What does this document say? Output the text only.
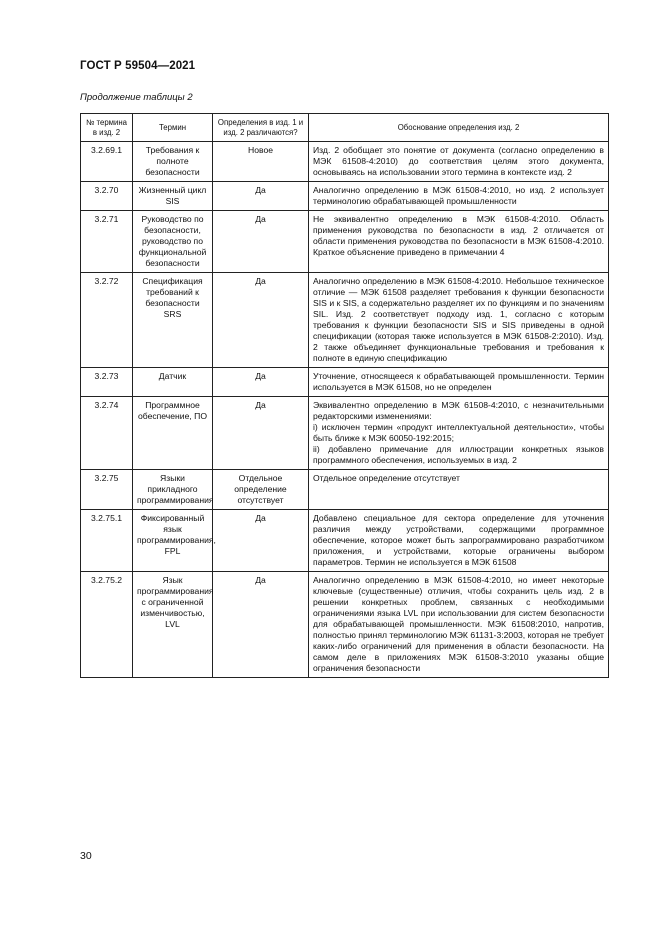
ГОСТ Р 59504—2021
Продолжение таблицы 2
№ термина в изд. 2	Термин	Определения в изд. 1 и изд. 2 различаются?	Обоснование определения изд. 2
3.2.69.1	Требования к полноте безопасности	Новое	Изд. 2 обобщает это понятие от документа (согласно определению в МЭК 61508-4:2010) до соответствия целям этого документа, основываясь на использовании этого термина в контексте изд. 2

3.2.70	Жизненный цикл SIS	Да	Аналогично определению в МЭК 61508-4:2010, но изд. 2 использует терминологию обрабатывающей промышленности

3.2.71	Руководство по безопасности, руководство по функциональной безопасности	Да	Не эквивалентно определению в МЭК 61508-4:2010. Область применения руководства по безопасности в изд. 2 отличается от области применения руководства по безопасности в МЭК 61508-4:2010. Краткое объяснение приведено в примечании 4

3.2.72	Спецификация требований к безопасности SRS	Да	Аналогично определению в МЭК 61508-4:2010. Небольшое техническое отличие — МЭК 61508 разделяет требования к функции безопасности SIS и к SIS, а содержательно разделяет их по функциям и по значениям SIL. Изд. 2 соответствует подходу изд. 1, согласно с которым требования к функции безопасности SIS и SIS приведены в одной спецификации (которая также используется в МЭК 61508-2:2010). Изд. 2 также объединяет функциональные требования и требования к полноте в единую спецификацию

3.2.73	Датчик	Да	Уточнение, относящееся к обрабатывающей промышленности. Термин используется в МЭК 61508, но не определен

3.2.74	Программное обеспечение, ПО	Да	Эквивалентно определению в МЭК 61508-4:2010, с незначительными редакторскими изменениями:

i) исключен термин «продукт интеллектуальной деятельности», чтобы быть ближе к МЭК 60050-192:2015;

ii) добавлено примечание для иллюстрации конкретных языков программного обеспечения, используемых в изд. 2

3.2.75	Языки прикладного программирования	Отдельное определение отсутствует	Отдельное определение отсутствует

3.2.75.1	Фиксированный язык программирования, FPL	Да	Добавлено специальное для сектора определение для уточнения различия между устройствами, содержащими программное обеспечение, которое может быть запрограммировано разработчиком приложения, и устройствами, которые ограничены выбором параметров. Термин не используется в МЭК 61508

3.2.75.2	Язык программирования с ограниченной изменчивостью, LVL	Да	Аналогично определению в МЭК 61508-4:2010, но имеет некоторые ключевые (существенные) отличия, чтобы сохранить цель изд. 2 в решении конкретных проблем, связанных с необходимыми ограничениями языка LVL при использовании для систем безопасности для обрабатывающей промышленности. МЭК 61508:2010, напротив, полностью принял терминологию МЭК 61131-3:2003, которая не требует каких-либо ограничений для применения в области безопасности. На самом деле в приложениях МЭК 61508-3:2010 указаны общие ограничения безопасности

30
